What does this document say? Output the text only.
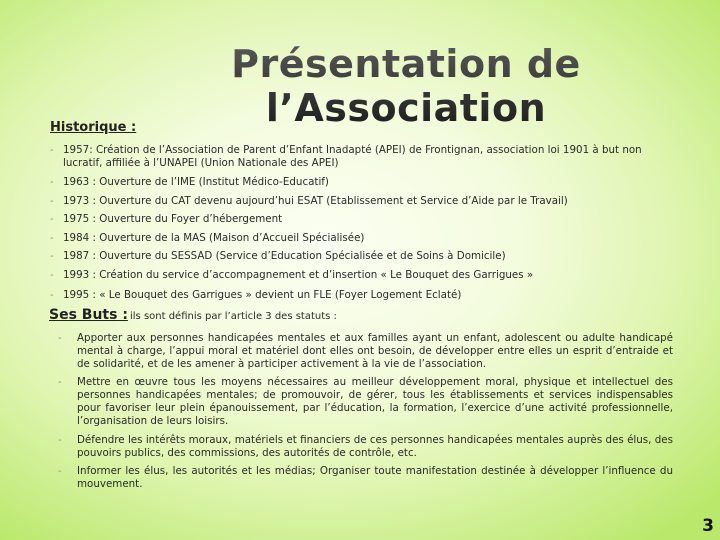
Présentation de l’Association
Historique :
- 1957: Création de l’Association de Parent d’Enfant Inadapté (APEI) de Frontignan, association loi 1901 à but non lucratif, affiliée à l’UNAPEI (Union Nationale des APEI)
- 1963 : Ouverture de l’IME (Institut Médico-Educatif)
- 1973 : Ouverture du CAT devenu aujourd’hui ESAT (Etablissement et Service d’Aide par le Travail)
- 1975 : Ouverture du Foyer d’hébergement
- 1984 : Ouverture de la MAS (Maison d’Accueil Spécialisée)
- 1987 : Ouverture du SESSAD (Service d’Education Spécialisée et de Soins à Domicile)
- 1993 : Création du service d’accompagnement et d’insertion « Le Bouquet des Garrigues »
- 1995 : « Le Bouquet des Garrigues » devient un FLE (Foyer Logement Eclaté)
Ses Buts : ils sont définis par l’article 3 des statuts :
- Apporter aux personnes handicapées mentales et aux familles ayant un enfant, adolescent ou adulte handicapé mental à charge, l’appui moral et matériel dont elles ont besoin, de développer entre elles un esprit d’entraide et de solidarité, et de les amener à participer activement à la vie de l’association.
- Mettre en œuvre tous les moyens nécessaires au meilleur développement moral, physique et intellectuel des personnes handicapées mentales; de promouvoir, de gérer, tous les établissements et services indispensables pour favoriser leur plein épanouissement, par l’éducation, la formation, l’exercice d’une activité professionnelle, l’organisation de leurs loisirs.
- Défendre les intérêts moraux, matériels et financiers de ces personnes handicapées mentales auprès des élus, des pouvoirs publics, des commissions, des autorités de contrôle, etc.
- Informer les élus, les autorités et les médias; Organiser toute manifestation destinée à développer l’influence du mouvement.
3
